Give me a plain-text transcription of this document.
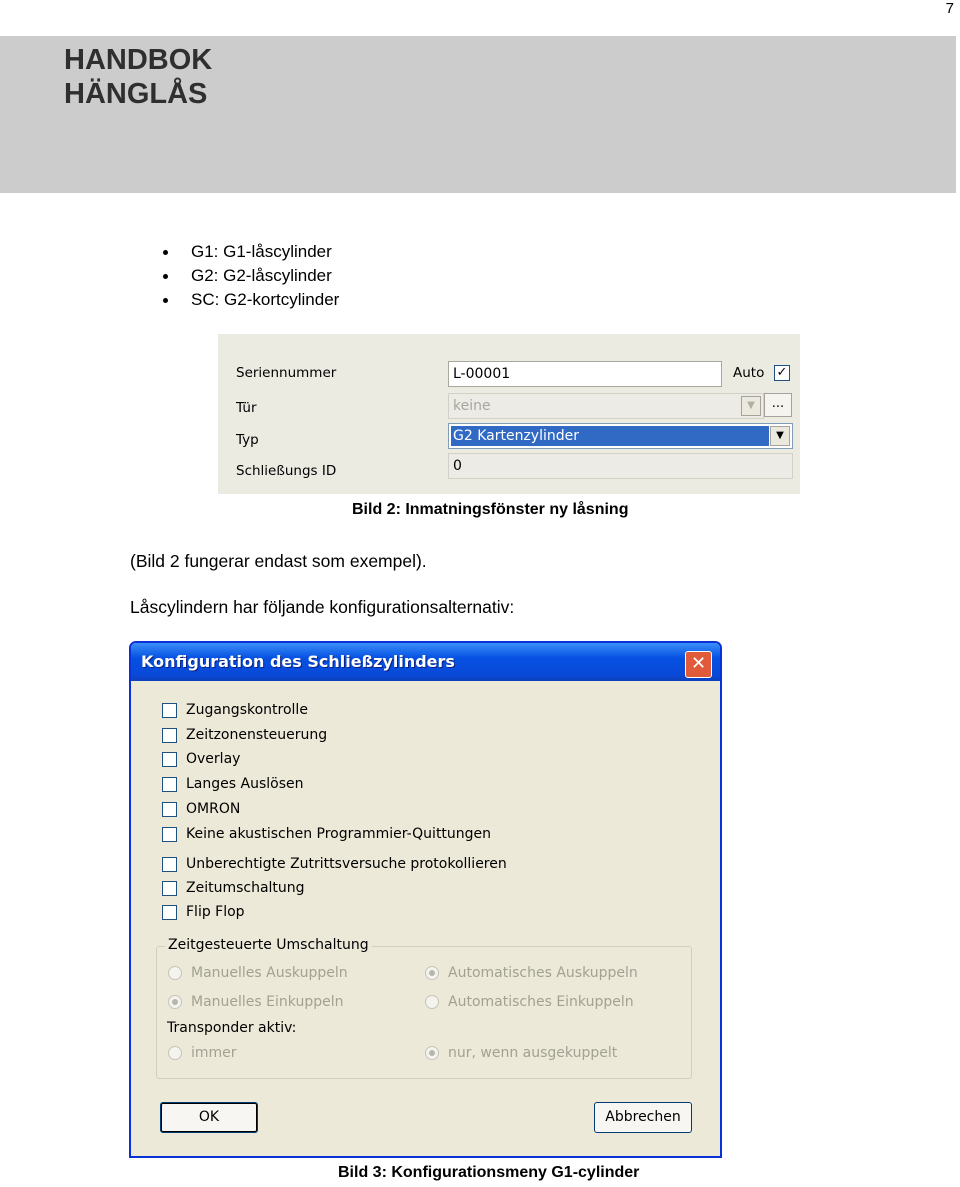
7
HANDBOK
HÄNGLÅS
G1: G1-låscylinder
G2: G2-låscylinder
SC: G2-kortcylinder
Seriennummer	L-00001	Auto ✓
Tür	keine	▼	...
Typ	G2 Kartenzylinder	▼
Schließungs ID	0
Bild 2: Inmatningsfönster ny låsning
(Bild 2 fungerar endast som exempel).
Låscylindern har följande konfigurationsalternativ:
Konfiguration des Schließzylinders	✕
Zugangskontrolle
Zeitzonensteuerung
Overlay
Langes Auslösen
OMRON
Keine akustischen Programmier-Quittungen
Unberechtigte Zutrittsversuche protokollieren
Zeitumschaltung
Flip Flop
Zeitgesteuerte Umschaltung
Manuelles Auskuppeln	Automatisches Auskuppeln
Manuelles Einkuppeln	Automatisches Einkuppeln
Transponder aktiv:
immer	nur, wenn ausgekuppelt
OK	Abbrechen
Bild 3: Konfigurationsmeny G1-cylinder
